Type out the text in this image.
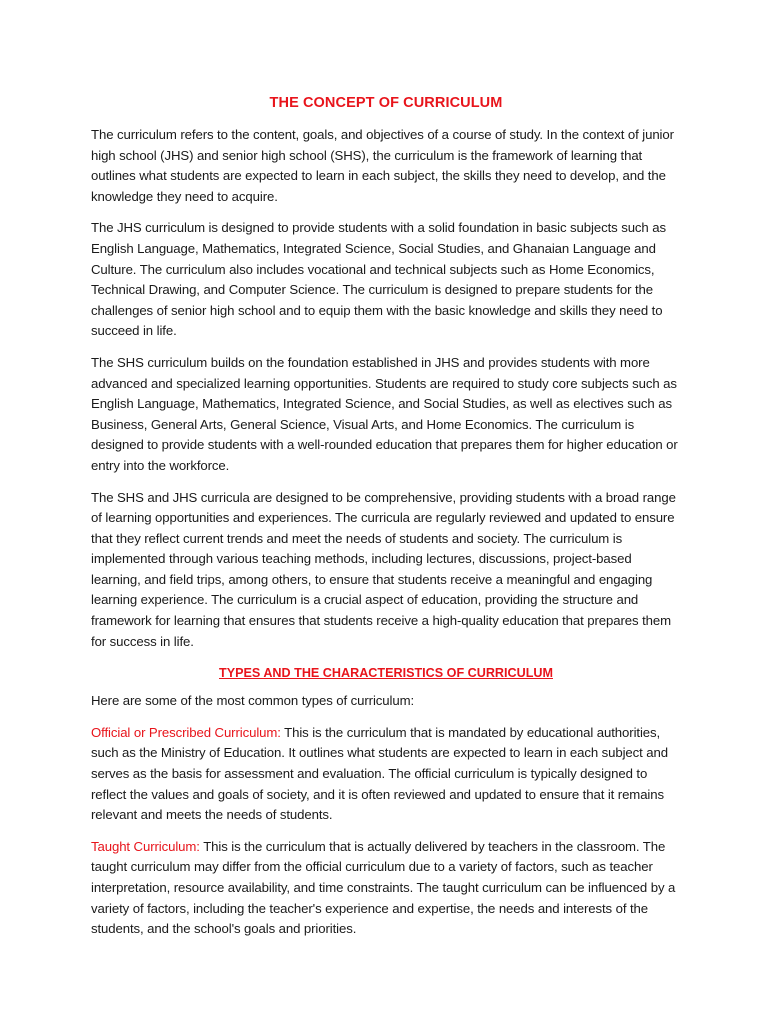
THE CONCEPT OF CURRICULUM

The curriculum refers to the content, goals, and objectives of a course of study. In the context of junior high school (JHS) and senior high school (SHS), the curriculum is the framework of learning that outlines what students are expected to learn in each subject, the skills they need to develop, and the knowledge they need to acquire.

The JHS curriculum is designed to provide students with a solid foundation in basic subjects such as English Language, Mathematics, Integrated Science, Social Studies, and Ghanaian Language and Culture. The curriculum also includes vocational and technical subjects such as Home Economics, Technical Drawing, and Computer Science. The curriculum is designed to prepare students for the challenges of senior high school and to equip them with the basic knowledge and skills they need to succeed in life.

The SHS curriculum builds on the foundation established in JHS and provides students with more advanced and specialized learning opportunities. Students are required to study core subjects such as English Language, Mathematics, Integrated Science, and Social Studies, as well as electives such as Business, General Arts, General Science, Visual Arts, and Home Economics. The curriculum is designed to provide students with a well-rounded education that prepares them for higher education or entry into the workforce.

The SHS and JHS curricula are designed to be comprehensive, providing students with a broad range of learning opportunities and experiences. The curricula are regularly reviewed and updated to ensure that they reflect current trends and meet the needs of students and society. The curriculum is implemented through various teaching methods, including lectures, discussions, project-based learning, and field trips, among others, to ensure that students receive a meaningful and engaging learning experience. The curriculum is a crucial aspect of education, providing the structure and framework for learning that ensures that students receive a high-quality education that prepares them for success in life.

TYPES AND THE CHARACTERISTICS OF CURRICULUM

Here are some of the most common types of curriculum:

Official or Prescribed Curriculum: This is the curriculum that is mandated by educational authorities, such as the Ministry of Education. It outlines what students are expected to learn in each subject and serves as the basis for assessment and evaluation. The official curriculum is typically designed to reflect the values and goals of society, and it is often reviewed and updated to ensure that it remains relevant and meets the needs of students.

Taught Curriculum: This is the curriculum that is actually delivered by teachers in the classroom. The taught curriculum may differ from the official curriculum due to a variety of factors, such as teacher interpretation, resource availability, and time constraints. The taught curriculum can be influenced by a variety of factors, including the teacher's experience and expertise, the needs and interests of the students, and the school's goals and priorities.
